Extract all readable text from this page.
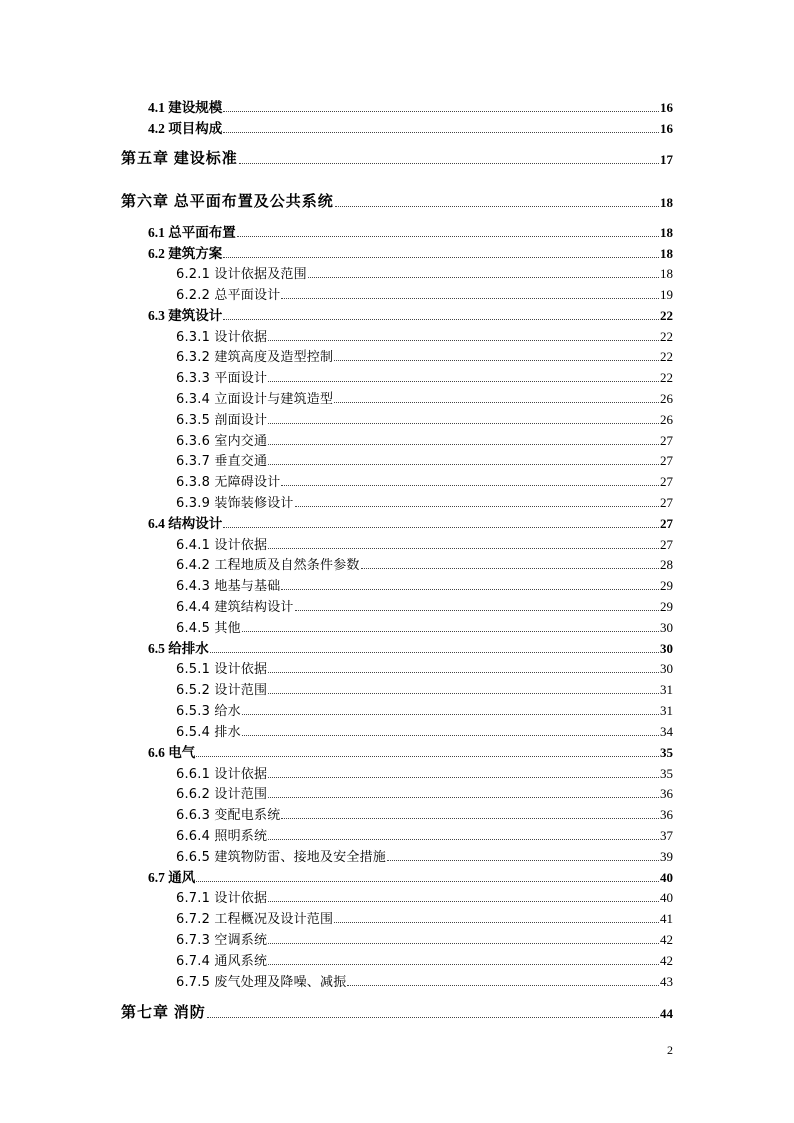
4.1 建设规模	16
4.2 项目构成	16
第五章 建设标准	17
第六章 总平面布置及公共系统	18
6.1 总平面布置	18
6.2 建筑方案	18
6.2.1 设计依据及范围	18
6.2.2 总平面设计	19
6.3 建筑设计	22
6.3.1 设计依据	22
6.3.2 建筑高度及造型控制	22
6.3.3 平面设计	22
6.3.4 立面设计与建筑造型	26
6.3.5 剖面设计	26
6.3.6 室内交通	27
6.3.7 垂直交通	27
6.3.8 无障碍设计	27
6.3.9 装饰装修设计	27
6.4 结构设计	27
6.4.1 设计依据	27
6.4.2 工程地质及自然条件参数	28
6.4.3 地基与基础	29
6.4.4 建筑结构设计	29
6.4.5 其他	30
6.5 给排水	30
6.5.1 设计依据	30
6.5.2 设计范围	31
6.5.3 给水	31
6.5.4 排水	34
6.6 电气	35
6.6.1 设计依据	35
6.6.2 设计范围	36
6.6.3 变配电系统	36
6.6.4 照明系统	37
6.6.5 建筑物防雷、接地及安全措施	39
6.7 通风	40
6.7.1 设计依据	40
6.7.2 工程概况及设计范围	41
6.7.3 空调系统	42
6.7.4 通风系统	42
6.7.5 废气处理及降噪、减振	43
第七章 消防	44
2
